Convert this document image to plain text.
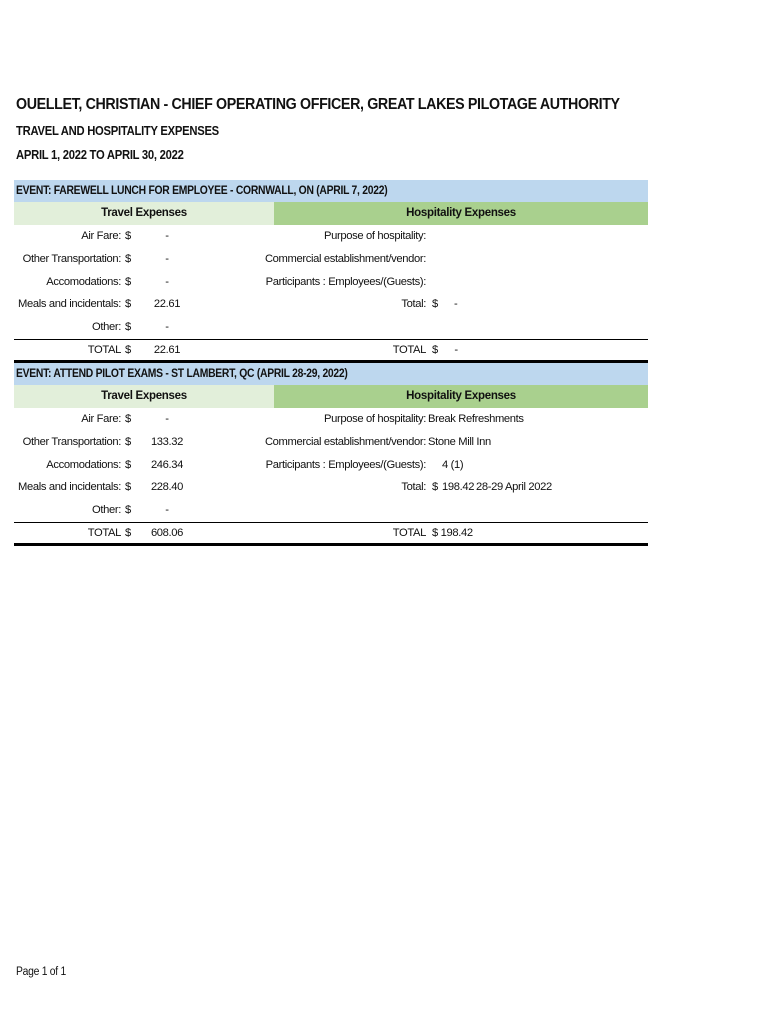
OUELLET, CHRISTIAN - CHIEF OPERATING OFFICER, GREAT LAKES PILOTAGE AUTHORITY
TRAVEL AND HOSPITALITY EXPENSES
APRIL 1, 2022 TO APRIL 30, 2022
EVENT: FAREWELL LUNCH FOR EMPLOYEE - CORNWALL, ON (APRIL 7, 2022)
Travel Expenses	Hospitality Expenses
Air Fare: $	-	Purpose of hospitality:
Other Transportation: $	-	Commercial establishment/vendor:
Accomodations: $	-	Participants : Employees/(Guests):
Meals and incidentals: $	22.61	Total: $ -
Other: $	-
TOTAL $	22.61	TOTAL $      -
EVENT: ATTEND PILOT EXAMS - ST LAMBERT, QC (APRIL 28-29, 2022)
Travel Expenses	Hospitality Expenses
Air Fare: $	-	Purpose of hospitality: Break Refreshments
Other Transportation: $	133.32	Commercial establishment/vendor: Stone Mill Inn
Accomodations: $	246.34	Participants : Employees/(Guests): 4 (1)
Meals and incidentals: $	228.40	Total: $ 198.42 28-29 April 2022
Other: $	-
TOTAL $	608.06	TOTAL $ 198.42
Page 1 of 1
